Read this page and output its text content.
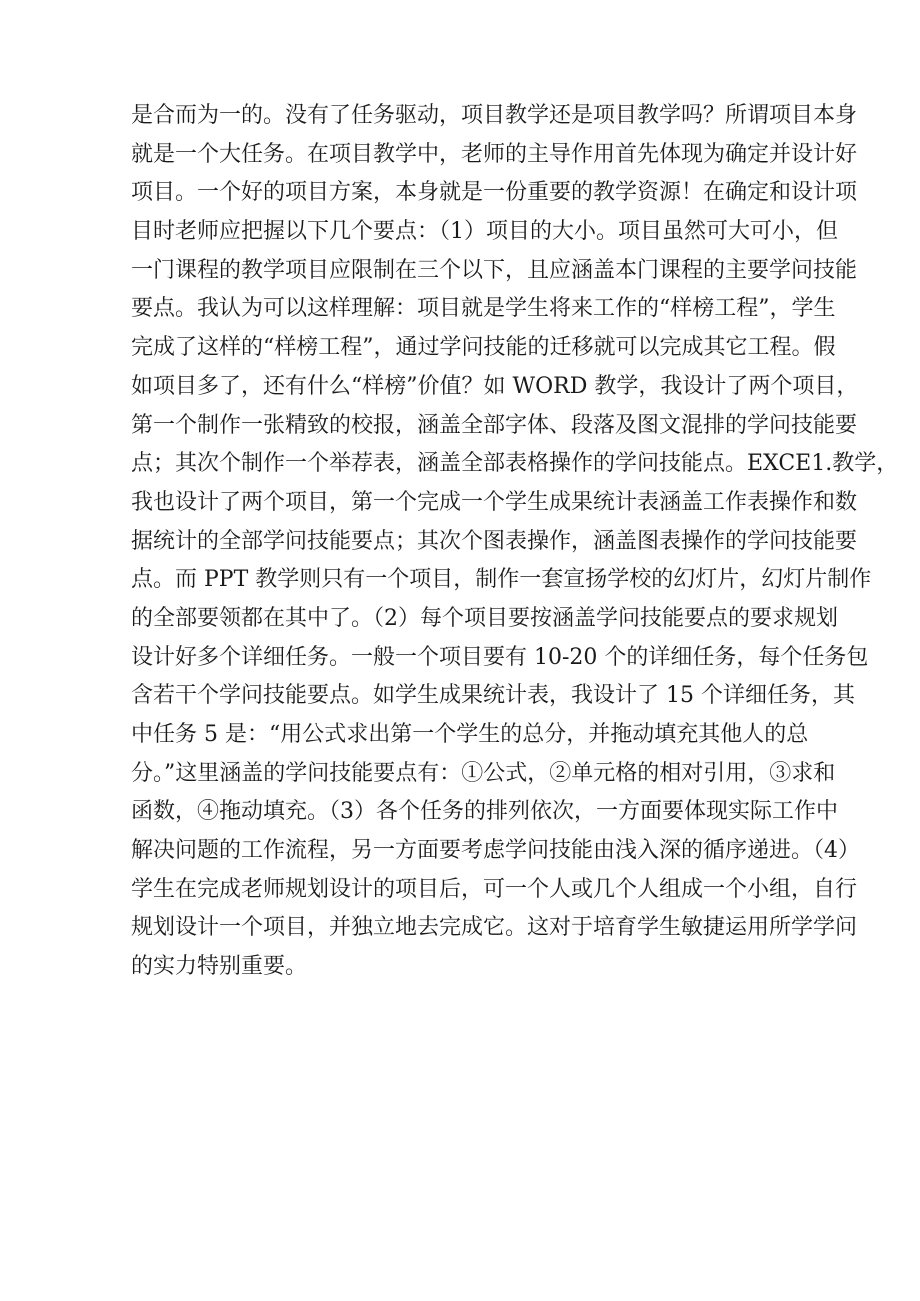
是合而为一的。没有了任务驱动，项目教学还是项目教学吗？所谓项目本身
就是一个大任务。在项目教学中，老师的主导作用首先体现为确定并设计好
项目。一个好的项目方案，本身就是一份重要的教学资源！在确定和设计项
目时老师应把握以下几个要点：（1）项目的大小。项目虽然可大可小，但
一门课程的教学项目应限制在三个以下，且应涵盖本门课程的主要学问技能
要点。我认为可以这样理解：项目就是学生将来工作的“样榜工程”，学生
完成了这样的“样榜工程”，通过学问技能的迁移就可以完成其它工程。假
如项目多了，还有什么“样榜”价值？如 WORD 教学，我设计了两个项目，
第一个制作一张精致的校报，涵盖全部字体、段落及图文混排的学问技能要
点；其次个制作一个举荐表，涵盖全部表格操作的学问技能点。EXCE1.教学，
我也设计了两个项目，第一个完成一个学生成果统计表涵盖工作表操作和数
据统计的全部学问技能要点；其次个图表操作，涵盖图表操作的学问技能要
点。而 PPT 教学则只有一个项目，制作一套宣扬学校的幻灯片，幻灯片制作
的全部要领都在其中了。（2）每个项目要按涵盖学问技能要点的要求规划
设计好多个详细任务。一般一个项目要有 10-20 个的详细任务，每个任务包
含若干个学问技能要点。如学生成果统计表，我设计了 15 个详细任务，其
中任务 5 是：“用公式求出第一个学生的总分，并拖动填充其他人的总
分。”这里涵盖的学问技能要点有：①公式，②单元格的相对引用，③求和
函数，④拖动填充。（3）各个任务的排列依次，一方面要体现实际工作中
解决问题的工作流程，另一方面要考虑学问技能由浅入深的循序递进。（4）
学生在完成老师规划设计的项目后，可一个人或几个人组成一个小组，自行
规划设计一个项目，并独立地去完成它。这对于培育学生敏捷运用所学学问
的实力特别重要。
